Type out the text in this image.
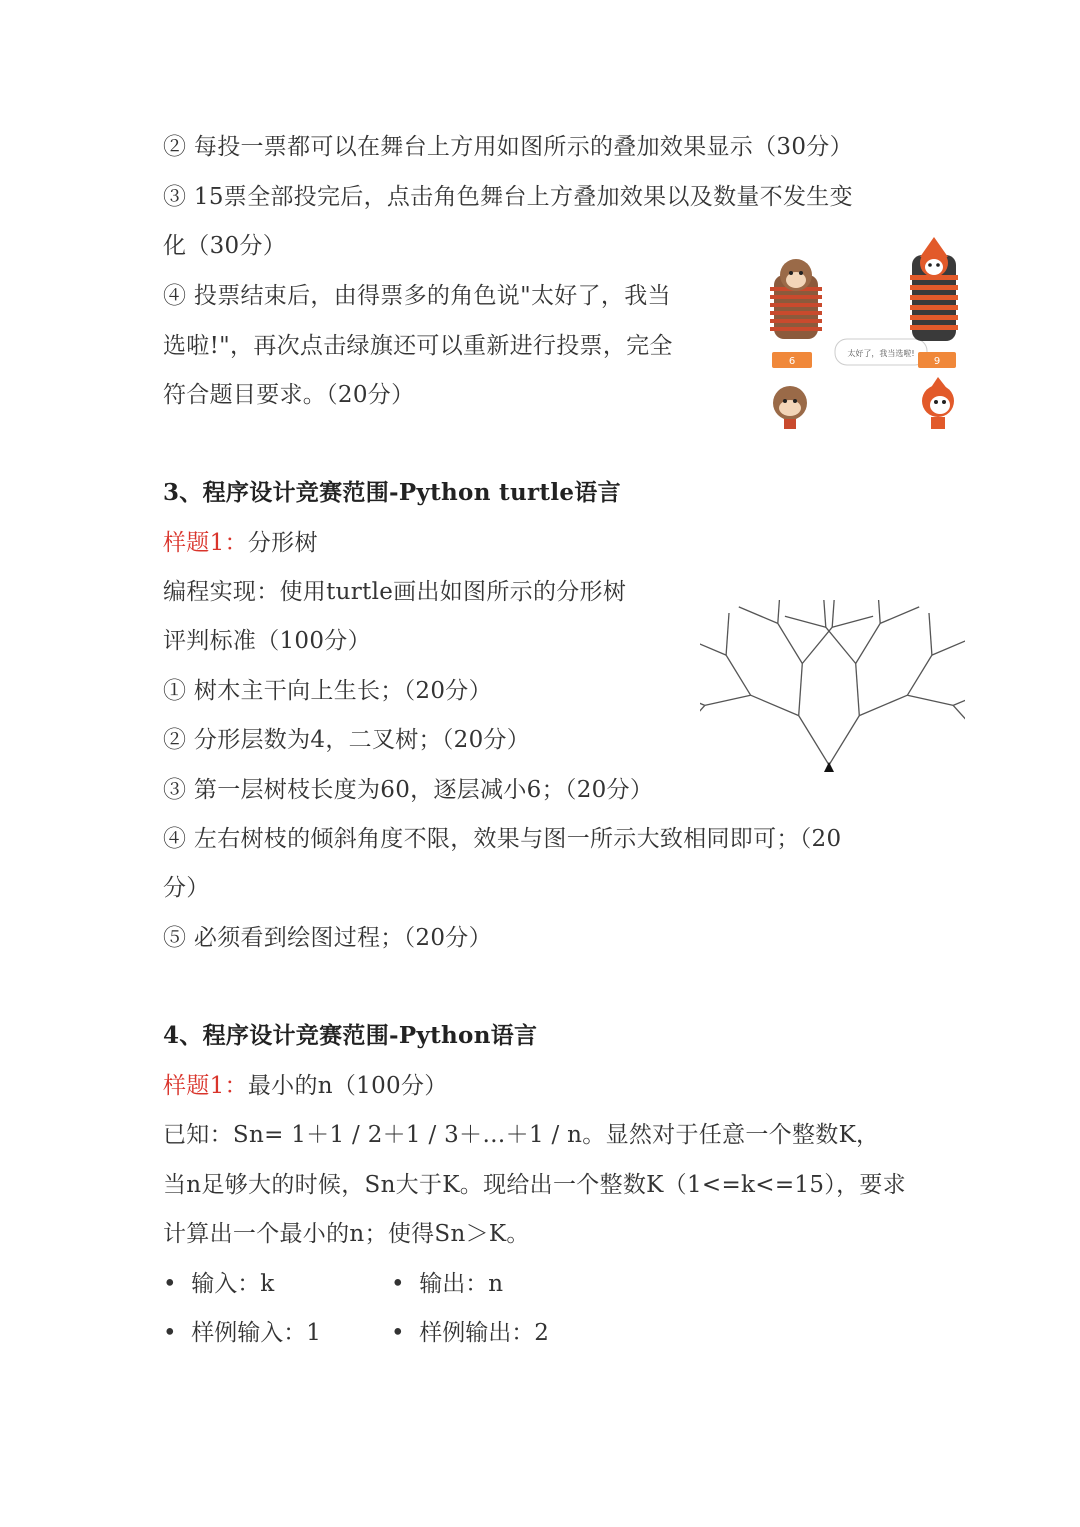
② 每投一票都可以在舞台上方用如图所示的叠加效果显示（30分）
③ 15票全部投完后，点击角色舞台上方叠加效果以及数量不发生变
化（30分）
④ 投票结束后，由得票多的角色说"太好了，我当
选啦!"，再次点击绿旗还可以重新进行投票，完全
符合题目要求。（20分）
6
太好了，我当选啦!
9
3、程序设计竞赛范围-Python turtle语言
样题1：分形树
编程实现：使用turtle画出如图所示的分形树
评判标准（100分）
① 树木主干向上生长；（20分）
② 分形层数为4，二叉树；（20分）
③ 第一层树枝长度为60，逐层减小6；（20分）
④ 左右树枝的倾斜角度不限，效果与图一所示大致相同即可；（20
分）
⑤ 必须看到绘图过程；（20分）
4、程序设计竞赛范围-Python语言
样题1：最小的n（100分）
已知：Sn= 1＋1 / 2＋1 / 3＋…＋1 / n。显然对于任意一个整数K，
当n足够大的时候，Sn大于K。现给出一个整数K（1<=k<=15），要求
计算出一个最小的n；使得Sn＞K。
•  输入：k	•  输出：n
•  样例输入：1	•  样例输出：2
